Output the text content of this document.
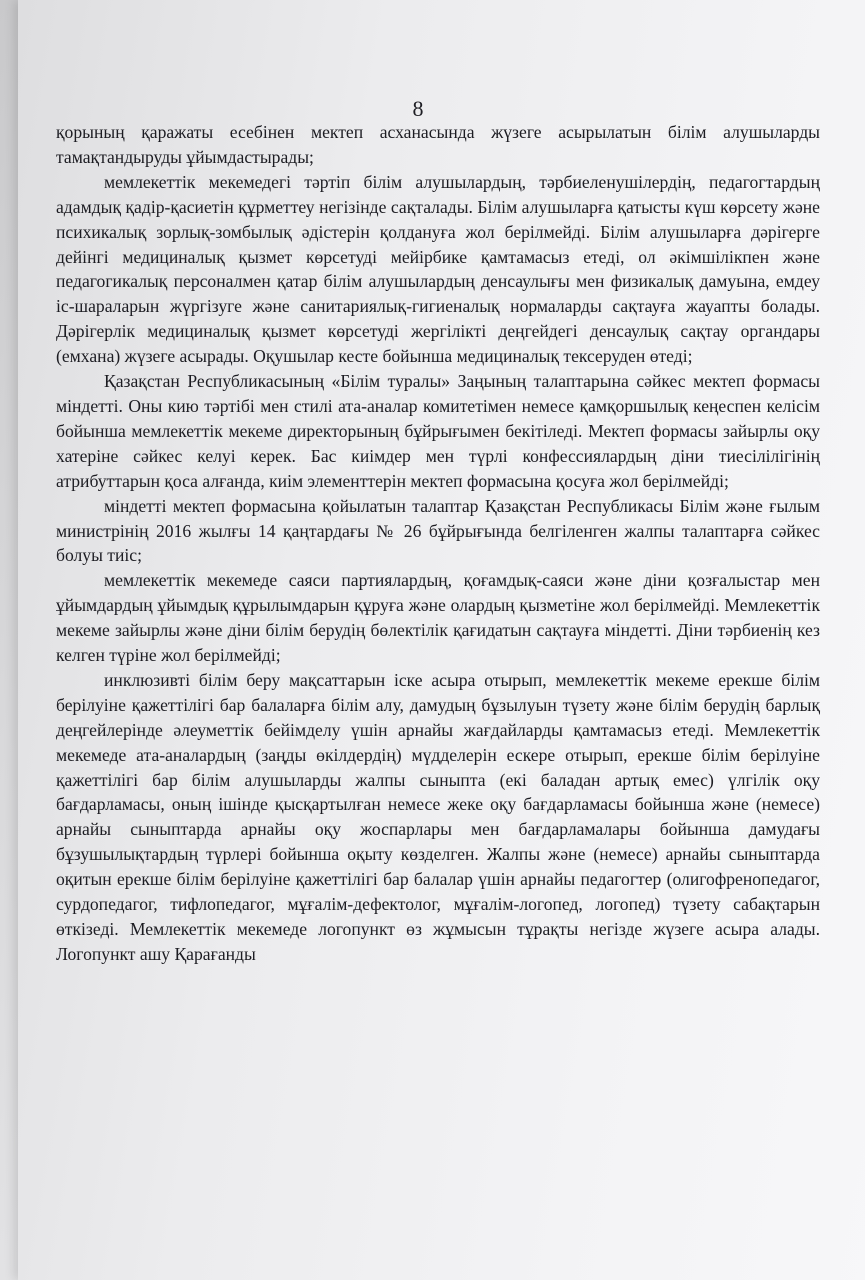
8

қорының қаражаты есебінен мектеп асханасында жүзеге асырылатын білім алушыларды тамақтандыруды ұйымдастырады;

мемлекеттік мекемедегі тәртіп білім алушылардың, тәрбиеленушілердің, педагогтардың адамдық қадір-қасиетін құрметтеу негізінде сақталады. Білім алушыларға қатысты күш көрсету және психикалық зорлық-зомбылық әдістерін қолдануға жол берілмейді. Білім алушыларға дәрігерге дейінгі медициналық қызмет көрсетуді мейірбике қамтамасыз етеді, ол әкімшілікпен және педагогикалық персоналмен қатар білім алушылардың денсаулығы мен физикалық дамуына, емдеу іс-шараларын жүргізуге және санитариялық-гигиеналық нормаларды сақтауға жауапты болады. Дәрігерлік медициналық қызмет көрсетуді жергілікті деңгейдегі денсаулық сақтау органдары (емхана) жүзеге асырады. Оқушылар кесте бойынша медициналық тексеруден өтеді;

Қазақстан Республикасының «Білім туралы» Заңының талаптарына сәйкес мектеп формасы міндетті. Оны кию тәртібі мен стилі ата-аналар комитетімен немесе қамқоршылық кеңеспен келісім бойынша мемлекеттік мекеме директорының бұйрығымен бекітіледі. Мектеп формасы зайырлы оқу хатеріне сәйкес келуі керек. Бас киімдер мен түрлі конфессиялардың діни тиесілілігінің атрибуттарын қоса алғанда, киім элементтерін мектеп формасына қосуға жол берілмейді;

міндетті мектеп формасына қойылатын талаптар Қазақстан Республикасы Білім және ғылым министрінің 2016 жылғы 14 қаңтардағы № 26 бұйрығында белгіленген жалпы талаптарға сәйкес болуы тиіс;

мемлекеттік мекемеде саяси партиялардың, қоғамдық-саяси және діни қозғалыстар мен ұйымдардың ұйымдық құрылымдарын құруға және олардың қызметіне жол берілмейді. Мемлекеттік мекеме зайырлы және діни білім берудің бөлектілік қағидатын сақтауға міндетті. Діни тәрбиенің кез келген түріне жол берілмейді;

инклюзивті білім беру мақсаттарын іске асыра отырып, мемлекеттік мекеме ерекше білім берілуіне қажеттілігі бар балаларға білім алу, дамудың бұзылуын түзету және білім берудің барлық деңгейлерінде әлеуметтік бейімделу үшін арнайы жағдайларды қамтамасыз етеді. Мемлекеттік мекемеде ата-аналардың (заңды өкілдердің) мүдделерін ескере отырып, ерекше білім берілуіне қажеттілігі бар білім алушыларды жалпы сыныпта (екі баладан артық емес) үлгілік оқу бағдарламасы, оның ішінде қысқартылған немесе жеке оқу бағдарламасы бойынша және (немесе) арнайы сыныптарда арнайы оқу жоспарлары мен бағдарламалары бойынша дамудағы бұзушылықтардың түрлері бойынша оқыту көзделген. Жалпы және (немесе) арнайы сыныптарда оқитын ерекше білім берілуіне қажеттілігі бар балалар үшін арнайы педагогтер (олигофренопедагог, сурдопедагог, тифлопедагог, мұғалім-дефектолог, мұғалім-логопед, логопед) түзету сабақтарын өткізеді. Мемлекеттік мекемеде логопункт өз жұмысын тұрақты негізде жүзеге асыра алады. Логопункт ашу Қарағанды
